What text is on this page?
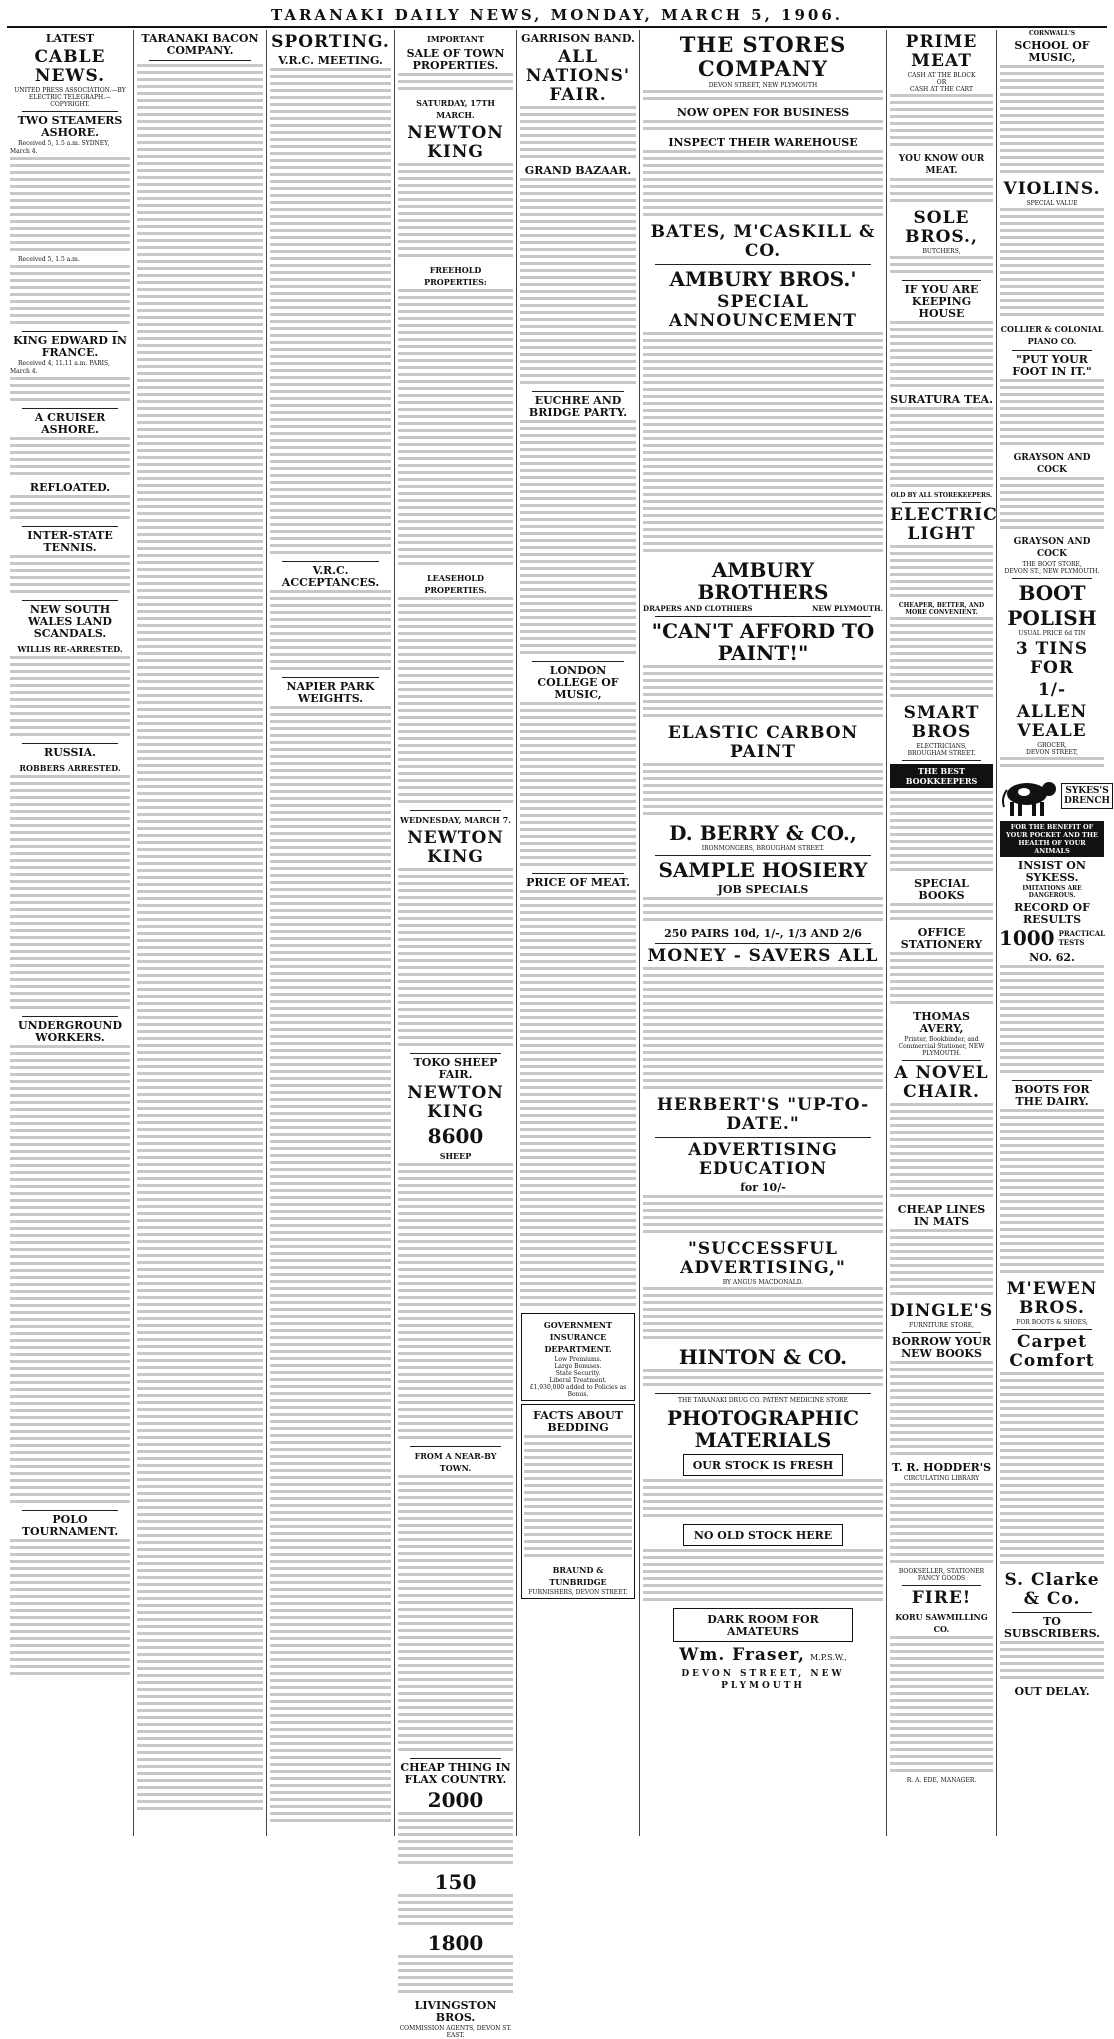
TARANAKI DAILY NEWS, MONDAY, MARCH 5, 1906.
LATEST
CABLE NEWS.
UNITED PRESS ASSOCIATION.—BY ELECTRIC TELEGRAPH.—COPYRIGHT.
TWO STEAMERS ASHORE.
Received 5, 1.5 a.m. SYDNEY, March 4.
Received 5, 1.5 a.m.
KING EDWARD IN FRANCE.
Received 4, 11.11 a.m. PARIS, March 4.
A CRUISER ASHORE.
REFLOATED.
INTER-STATE TENNIS.
NEW SOUTH WALES LAND SCANDALS.
WILLIS RE-ARRESTED.
RUSSIA.
ROBBERS ARRESTED.
UNDERGROUND WORKERS.
POLO TOURNAMENT.
TARANAKI BACON COMPANY.	SPORTING.
V.R.C. MEETING.
V.R.C. ACCEPTANCES.
NAPIER PARK WEIGHTS.
IMPORTANT
SALE OF TOWN PROPERTIES.
SATURDAY, 17TH MARCH.
NEWTON KING
FREEHOLD PROPERTIES:
LEASEHOLD PROPERTIES.
WEDNESDAY, MARCH 7.
NEWTON KING
TOKO SHEEP FAIR.
NEWTON KING
8600
SHEEP
FROM A NEAR-BY TOWN.
CHEAP THING IN FLAX COUNTRY.
2000
150
1800
LIVINGSTON BROS.
COMMISSION AGENTS, DEVON ST. EAST.
GARRISON BAND.
ALL NATIONS' FAIR.
GRAND BAZAAR.
EUCHRE AND BRIDGE PARTY.
LONDON COLLEGE OF MUSIC,
PRICE OF MEAT.
GOVERNMENT INSURANCE DEPARTMENT.
Low Premiums.
Large Bonuses.
State Security.
Liberal Treatment.
£1,930,000 added to Policies as Bonus.
FACTS ABOUT BEDDING
BRAUND & TUNBRIDGE
FURNISHERS, DEVON STREET.
THE STORES COMPANY
DEVON STREET, NEW PLYMOUTH
NOW OPEN FOR BUSINESS
INSPECT THEIR WAREHOUSE
BATES, M'CASKILL & CO.
AMBURY BROS.'
SPECIAL ANNOUNCEMENT
AMBURY BROTHERS
DRAPERS AND CLOTHIERS	NEW PLYMOUTH.
"CAN'T AFFORD TO PAINT!"
ELASTIC CARBON PAINT
D. BERRY & CO.,
IRONMONGERS, BROUGHAM STREET.
SAMPLE HOSIERY
JOB SPECIALS
250 PAIRS 10d, 1/-, 1/3 AND 2/6
MONEY - SAVERS ALL
HERBERT'S "UP-TO-DATE."
ADVERTISING EDUCATION
for 10/-
"SUCCESSFUL ADVERTISING,"
BY ANGUS MACDONALD.
HINTON & CO.
THE TARANAKI DRUG CO. PATENT MEDICINE STORE
PHOTOGRAPHIC MATERIALS
OUR STOCK IS FRESH
NO OLD STOCK HERE
DARK ROOM FOR AMATEURS
Wm. Fraser, M.P.S.W.,
DEVON STREET, NEW PLYMOUTH
PRIME MEAT
CASH AT THE BLOCK
OR
CASH AT THE CART
YOU KNOW OUR MEAT.
SOLE BROS.,
BUTCHERS,
IF YOU ARE KEEPING HOUSE
SURATURA TEA.
OLD BY ALL STOREKEEPERS.
ELECTRIC LIGHT
CHEAPER, BETTER, AND MORE CONVENIENT.
SMART BROS
ELECTRICIANS,
BROUGHAM STREET.
THE BEST BOOKKEEPERS
SPECIAL BOOKS
OFFICE STATIONERY
THOMAS AVERY,
Printer, Bookbinder, and Commercial Stationer, NEW PLYMOUTH.
A NOVEL CHAIR.
CHEAP LINES IN MATS
DINGLE'S
FURNITURE STORE,
BORROW YOUR NEW BOOKS
T. R. HODDER'S
CIRCULATING LIBRARY
BOOKSELLER, STATIONER
FANCY GOODS
FIRE!
KORU SAWMILLING CO.
R. A. EDE, MANAGER.
CORNWALL'S
SCHOOL OF MUSIC,
VIOLINS.
SPECIAL VALUE
COLLIER & COLONIAL PIANO CO.
"PUT YOUR FOOT IN IT."
GRAYSON AND COCK
GRAYSON AND COCK
THE BOOT STORE,
DEVON ST., NEW PLYMOUTH.
BOOT
POLISH
USUAL PRICE 6d TIN
3 TINS FOR
1/-
ALLEN VEALE
GROCER,
DEVON STREET,
SYKES'S DRENCH
FOR THE BENEFIT OF YOUR POCKET AND THE HEALTH OF YOUR ANIMALS
INSIST ON SYKESS.
IMITATIONS ARE DANGEROUS.
RECORD OF RESULTS
1000 PRACTICAL TESTS
NO. 62.
BOOTS FOR THE DAIRY.
M'EWEN BROS.
FOR BOOTS & SHOES,
Carpet Comfort
S. Clarke & Co.
TO SUBSCRIBERS.
OUT DELAY.
